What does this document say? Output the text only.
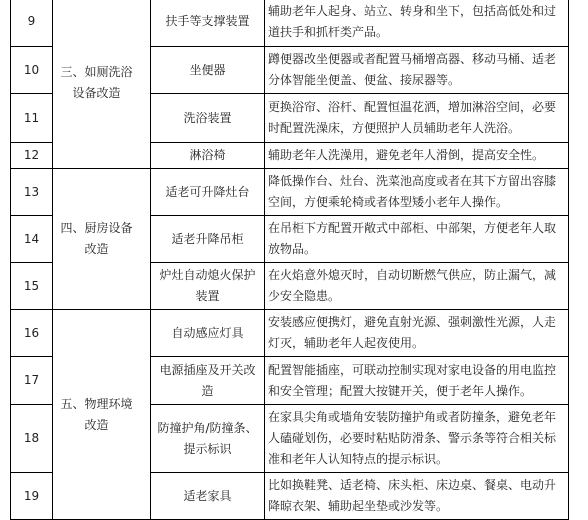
9	三、如厕洗浴设备改造	扶手等支撑装置	辅助老年人起身、站立、转身和坐下，包括高低处和过道扶手和抓杆类产品。
10		坐便器	蹲便器改坐便器或者配置马桶增高器、移动马桶、适老分体智能坐便盖、便盆、接尿器等。
11		洗浴装置	更换浴帘、浴杆、配置恒温花洒，增加淋浴空间，必要时配置洗澡床，方便照护人员辅助老年人洗浴。
12		淋浴椅	辅助老年人洗澡用，避免老年人滑倒，提高安全性。
13	四、厨房设备改造	适老可升降灶台	降低操作台、灶台、洗菜池高度或者在其下方留出容膝空间，方便乘轮椅或者体型矮小老年人操作。
14		适老升降吊柜	在吊柜下方配置开敞式中部柜、中部架，方便老年人取放物品。
15		炉灶自动熄火保护装置	在火焰意外熄灭时，自动切断燃气供应，防止漏气，减少安全隐患。
16	五、物理环境改造	自动感应灯具	安装感应便携灯，避免直射光源、强刺激性光源，人走灯灭，辅助老年人起夜使用。
17		电源插座及开关改造	配置智能插座，可联动控制实现对家电设备的用电监控和安全管理；配置大按键开关，便于老年人操作。
18		防撞护角/防撞条、提示标识	在家具尖角或墙角安装防撞护角或者防撞条，避免老年人磕碰划伤，必要时粘贴防滑条、警示条等符合相关标准和老年人认知特点的提示标识。
19		适老家具	比如换鞋凳、适老椅、床头柜、床边桌、餐桌、电动升降晾衣架、辅助起坐垫或沙发等。
